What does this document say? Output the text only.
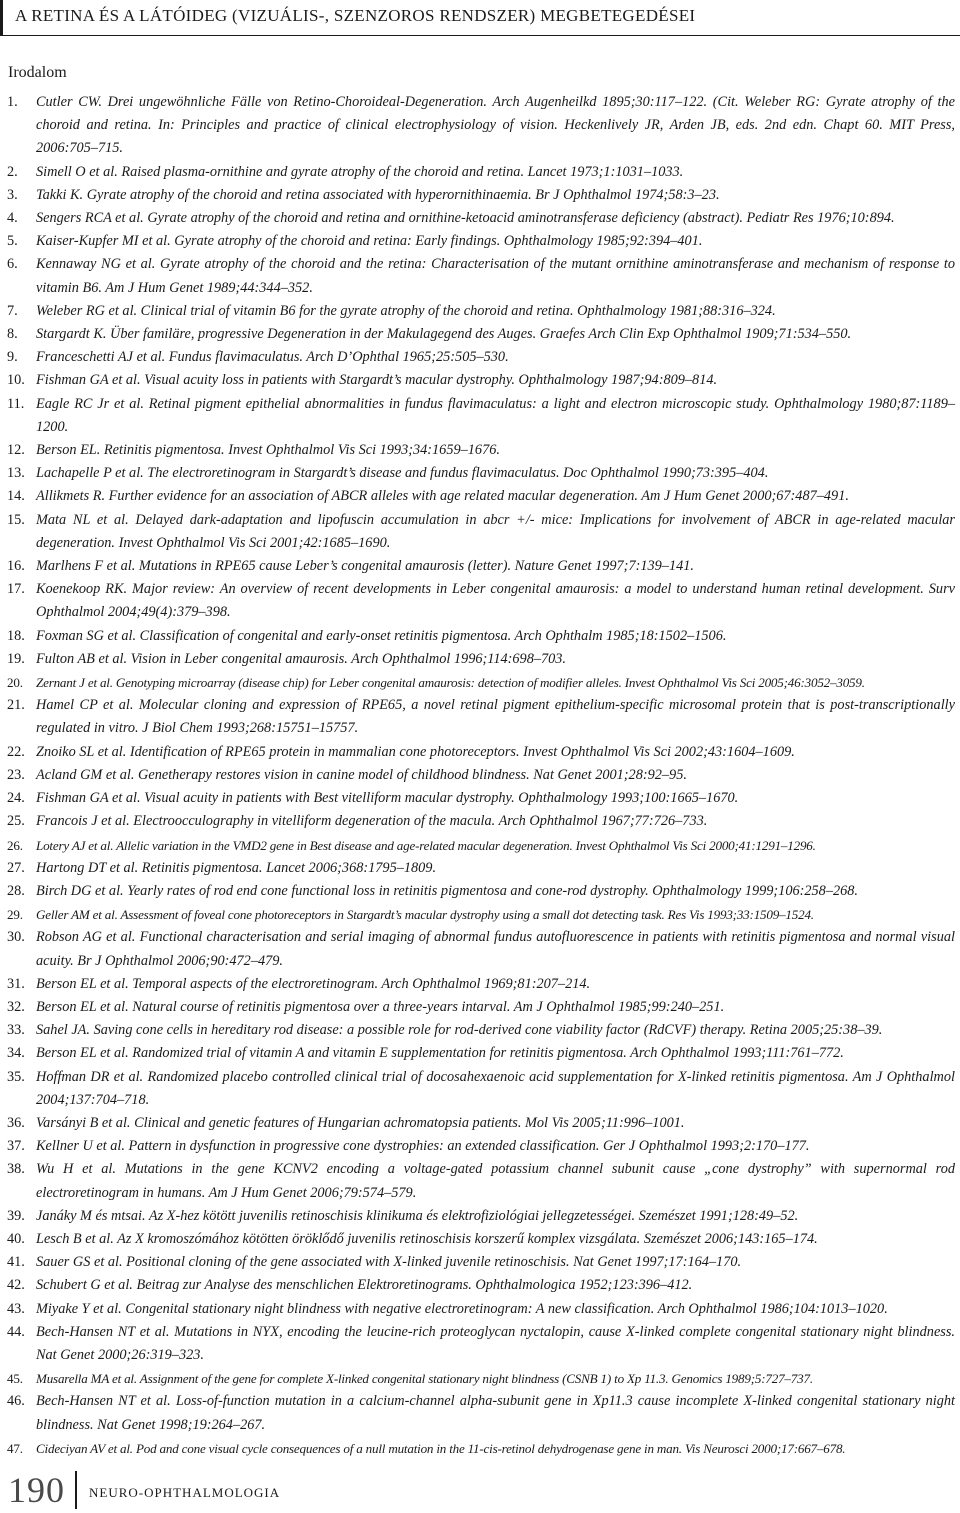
A RETINA ÉS A LÁTÓIDEG (VIZUÁLIS-, SZENZOROS RENDSZER) MEGBETEGEDÉSEI
Irodalom
1.	Cutler CW. Drei ungewöhnliche Fälle von Retino-Choroideal-Degeneration. Arch Augenheilkd 1895;30:117–122. (Cit. Weleber RG: Gyrate atrophy of the choroid and retina. In: Principles and practice of clinical electrophysiology of vision. Heckenlively JR, Arden JB, eds. 2nd edn. Chapt 60. MIT Press, 2006:705–715.
2.	Simell O et al. Raised plasma-ornithine and gyrate atrophy of the choroid and retina. Lancet 1973;1:1031–1033.
3.	Takki K. Gyrate atrophy of the choroid and retina associated with hyperornithinaemia. Br J Ophthalmol 1974;58:3–23.
4.	Sengers RCA et al. Gyrate atrophy of the choroid and retina and ornithine-ketoacid aminotransferase deficiency (abstract). Pediatr Res 1976;10:894.
5.	Kaiser-Kupfer MI et al. Gyrate atrophy of the choroid and retina: Early findings. Ophthalmology 1985;92:394–401.
6.	Kennaway NG et al. Gyrate atrophy of the choroid and the retina: Characterisation of the mutant ornithine aminotransferase and mechanism of response to vitamin B6. Am J Hum Genet 1989;44:344–352.
7.	Weleber RG et al. Clinical trial of vitamin B6 for the gyrate atrophy of the choroid and retina. Ophthalmology 1981;88:316–324.
8.	Stargardt K. Über familäre, progressive Degeneration in der Makulagegend des Auges. Graefes Arch Clin Exp Ophthalmol 1909;71:534–550.
9.	Franceschetti AJ et al. Fundus flavimaculatus. Arch D’Ophthal 1965;25:505–530.
10. Fishman GA et al. Visual acuity loss in patients with Stargardt’s macular dystrophy. Ophthalmology 1987;94:809–814.
11. Eagle RC Jr et al. Retinal pigment epithelial abnormalities in fundus flavimaculatus: a light and electron microscopic study. Ophthalmology 1980;87:1189–1200.
12. Berson EL. Retinitis pigmentosa. Invest Ophthalmol Vis Sci 1993;34:1659–1676.
13. Lachapelle P et al. The electroretinogram in Stargardt’s disease and fundus flavimaculatus. Doc Ophthalmol 1990;73:395–404.
14. Allikmets R. Further evidence for an association of ABCR alleles with age related macular degeneration. Am J Hum Genet 2000;67:487–491.
15. Mata NL et al. Delayed dark-adaptation and lipofuscin accumulation in abcr +/- mice: Implications for involvement of ABCR in age-related macular degeneration. Invest Ophthalmol Vis Sci 2001;42:1685–1690.
16. Marlhens F et al. Mutations in RPE65 cause Leber’s congenital amaurosis (letter). Nature Genet 1997;7:139–141.
17. Koenekoop RK. Major review: An overview of recent developments in Leber congenital amaurosis: a model to understand human retinal development. Surv Ophthalmol 2004;49(4):379–398.
18. Foxman SG et al. Classification of congenital and early-onset retinitis pigmentosa. Arch Ophthalm 1985;18:1502–1506.
19. Fulton AB et al. Vision in Leber congenital amaurosis. Arch Ophthalmol 1996;114:698–703.
20.	Zernant J et al. Genotyping microarray (disease chip) for Leber congenital amaurosis: detection of modifier alleles. Invest Ophthalmol Vis Sci 2005;46:3052–3059.
21. Hamel CP et al. Molecular cloning and expression of RPE65, a novel retinal pigment epithelium-specific microsomal protein that is post-transcriptionally regulated in vitro. J Biol Chem 1993;268:15751–15757.
22. Znoiko SL et al. Identification of RPE65 protein in mammalian cone photoreceptors. Invest Ophthalmol Vis Sci 2002;43:1604–1609.
23. Acland GM et al. Genetherapy restores vision in canine model of childhood blindness. Nat Genet 2001;28:92–95.
24. Fishman GA et al. Visual acuity in patients with Best vitelliform macular dystrophy. Ophthalmology 1993;100:1665–1670.
25. Francois J et al. Electroocculography in vitelliform degeneration of the macula. Arch Ophthalmol 1967;77:726–733.
26.	Lotery AJ et al. Allelic variation in the VMD2 gene in Best disease and age-related macular degeneration. Invest Ophthalmol Vis Sci 2000;41:1291–1296.
27. Hartong DT et al. Retinitis pigmentosa. Lancet 2006;368:1795–1809.
28. Birch DG et al. Yearly rates of rod end cone functional loss in retinitis pigmentosa and cone-rod dystrophy. Ophthalmology 1999;106:258–268.
29.	Geller AM et al. Assessment of foveal cone photoreceptors in Stargardt’s macular dystrophy using a small dot detecting task. Res Vis 1993;33:1509–1524.
30. Robson AG et al. Functional characterisation and serial imaging of abnormal fundus autofluorescence in patients with retinitis pigmentosa and normal visual acuity. Br J Ophthalmol 2006;90:472–479.
31. Berson EL et al. Temporal aspects of the electroretinogram. Arch Ophthalmol 1969;81:207–214.
32. Berson EL et al. Natural course of retinitis pigmentosa over a three-years intarval. Am J Ophthalmol 1985;99:240–251.
33. Sahel JA. Saving cone cells in hereditary rod disease: a possible role for rod-derived cone viability factor (RdCVF) therapy. Retina 2005;25:38–39.
34. Berson EL et al. Randomized trial of vitamin A and vitamin E supplementation for retinitis pigmentosa. Arch Ophthalmol 1993;111:761–772.
35. Hoffman DR et al. Randomized placebo controlled clinical trial of docosahexaenoic acid supplementation for X-linked retinitis pigmentosa. Am J Ophthalmol 2004;137:704–718.
36. Varsányi B et al. Clinical and genetic features of Hungarian achromatopsia patients. Mol Vis 2005;11:996–1001.
37. Kellner U et al. Pattern in dysfunction in progressive cone dystrophies: an extended classification. Ger J Ophthalmol 1993;2:170–177.
38. Wu H et al. Mutations in the gene KCNV2 encoding a voltage-gated potassium channel subunit cause „cone dystrophy” with supernormal rod electroretinogram in humans. Am J Hum Genet 2006;79:574–579.
39. Janáky M és mtsai. Az X-hez kötött juvenilis retinoschisis klinikuma és elektrofiziológiai jellegzetességei. Szemészet 1991;128:49–52.
40. Lesch B et al. Az X kromoszómához kötötten öröklődő juvenilis retinoschisis korszerű komplex vizsgálata. Szemészet 2006;143:165–174.
41. Sauer GS et al. Positional cloning of the gene associated with X-linked juvenile retinoschisis. Nat Genet 1997;17:164–170.
42. Schubert G et al. Beitrag zur Analyse des menschlichen Elektroretinograms. Ophthalmologica 1952;123:396–412.
43. Miyake Y et al. Congenital stationary night blindness with negative electroretinogram: A new classification. Arch Ophthalmol 1986;104:1013–1020.
44. Bech-Hansen NT et al. Mutations in NYX, encoding the leucine-rich proteoglycan nyctalopin, cause X-linked complete congenital stationary night blindness. Nat Genet 2000;26:319–323.
45.	Musarella MA et al. Assignment of the gene for complete X-linked congenital stationary night blindness (CSNB 1) to Xp 11.3. Genomics 1989;5:727–737.
46. Bech-Hansen NT et al. Loss-of-function mutation in a calcium-channel alpha-subunit gene in Xp11.3 cause incomplete X-linked congenital stationary night blindness. Nat Genet 1998;19:264–267.
47.	Cideciyan AV et al. Pod and cone visual cycle consequences of a null mutation in the 11-cis-retinol dehydrogenase gene in man. Vis Neurosci 2000;17:667–678.
190 NEURO-OPHTHALMOLOGIA
